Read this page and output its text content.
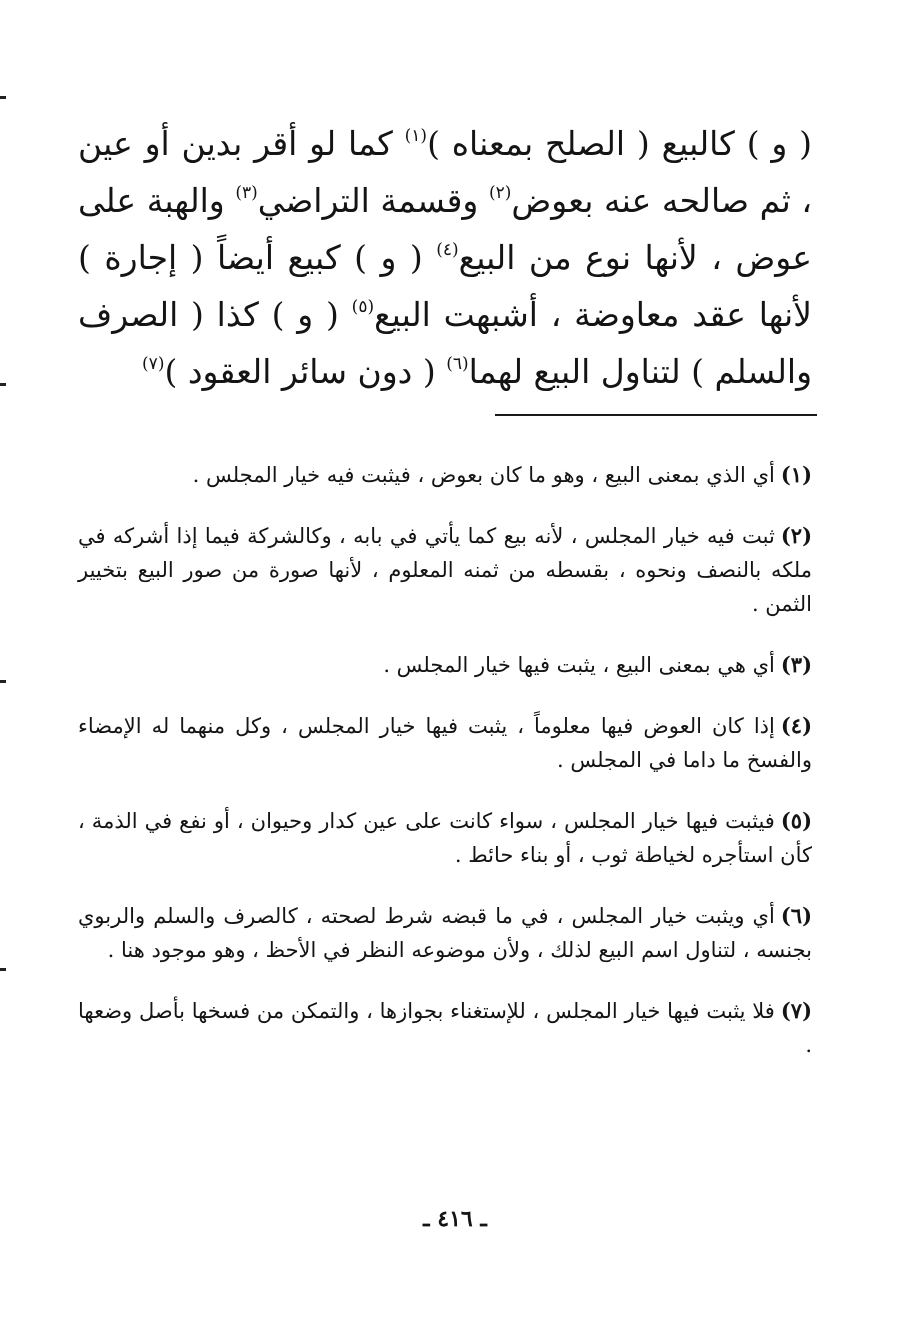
( و ) كالبيع ( الصلح بمعناه )$^{(١)}$ كما لو أقر بدين أو عين ، ثم صالحه عنه بعوض$^{(٢)}$ وقسمة التراضي$^{(٣)}$ والهبة على عوض ، لأنها نوع من البيع$^{(٤)}$ ( و ) كبيع أيضاً ( إجارة ) لأنها عقد معاوضة ، أشبهت البيع$^{(٥)}$ ( و ) كذا ( الصرف والسلم ) لتناول البيع لهما$^{(٦)}$ ( دون سائر العقود )$^{(٧)}$

(١)أي الذي بمعنى البيع ، وهو ما كان بعوض ، فيثبت فيه خيار المجلس .

(٢)ثبت فيه خيار المجلس ، لأنه بيع كما يأتي في بابه ، وكالشركة فيما إذا أشركه في ملكه بالنصف ونحوه ، بقسطه من ثمنه المعلوم ، لأنها صورة من صور البيع بتخيير الثمن .

(٣)أي هي بمعنى البيع ، يثبت فيها خيار المجلس .

(٤)إذا كان العوض فيها معلوماً ، يثبت فيها خيار المجلس ، وكل منهما له الإمضاء والفسخ ما داما في المجلس .

(٥)فيثبت فيها خيار المجلس ، سواء كانت على عين كدار وحيوان ، أو نفع في الذمة ، كأن استأجره لخياطة ثوب ، أو بناء حائط .

(٦)أي ويثبت خيار المجلس ، في ما قبضه شرط لصحته ، كالصرف والسلم والربوي بجنسه ، لتناول اسم البيع لذلك ، ولأن موضوعه النظر في الأحظ ، وهو موجود هنا .

(٧)فلا يثبت فيها خيار المجلس ، للإستغناء بجوازها ، والتمكن من فسخها بأصل وضعها .

ـ ٤١٦ ـ
